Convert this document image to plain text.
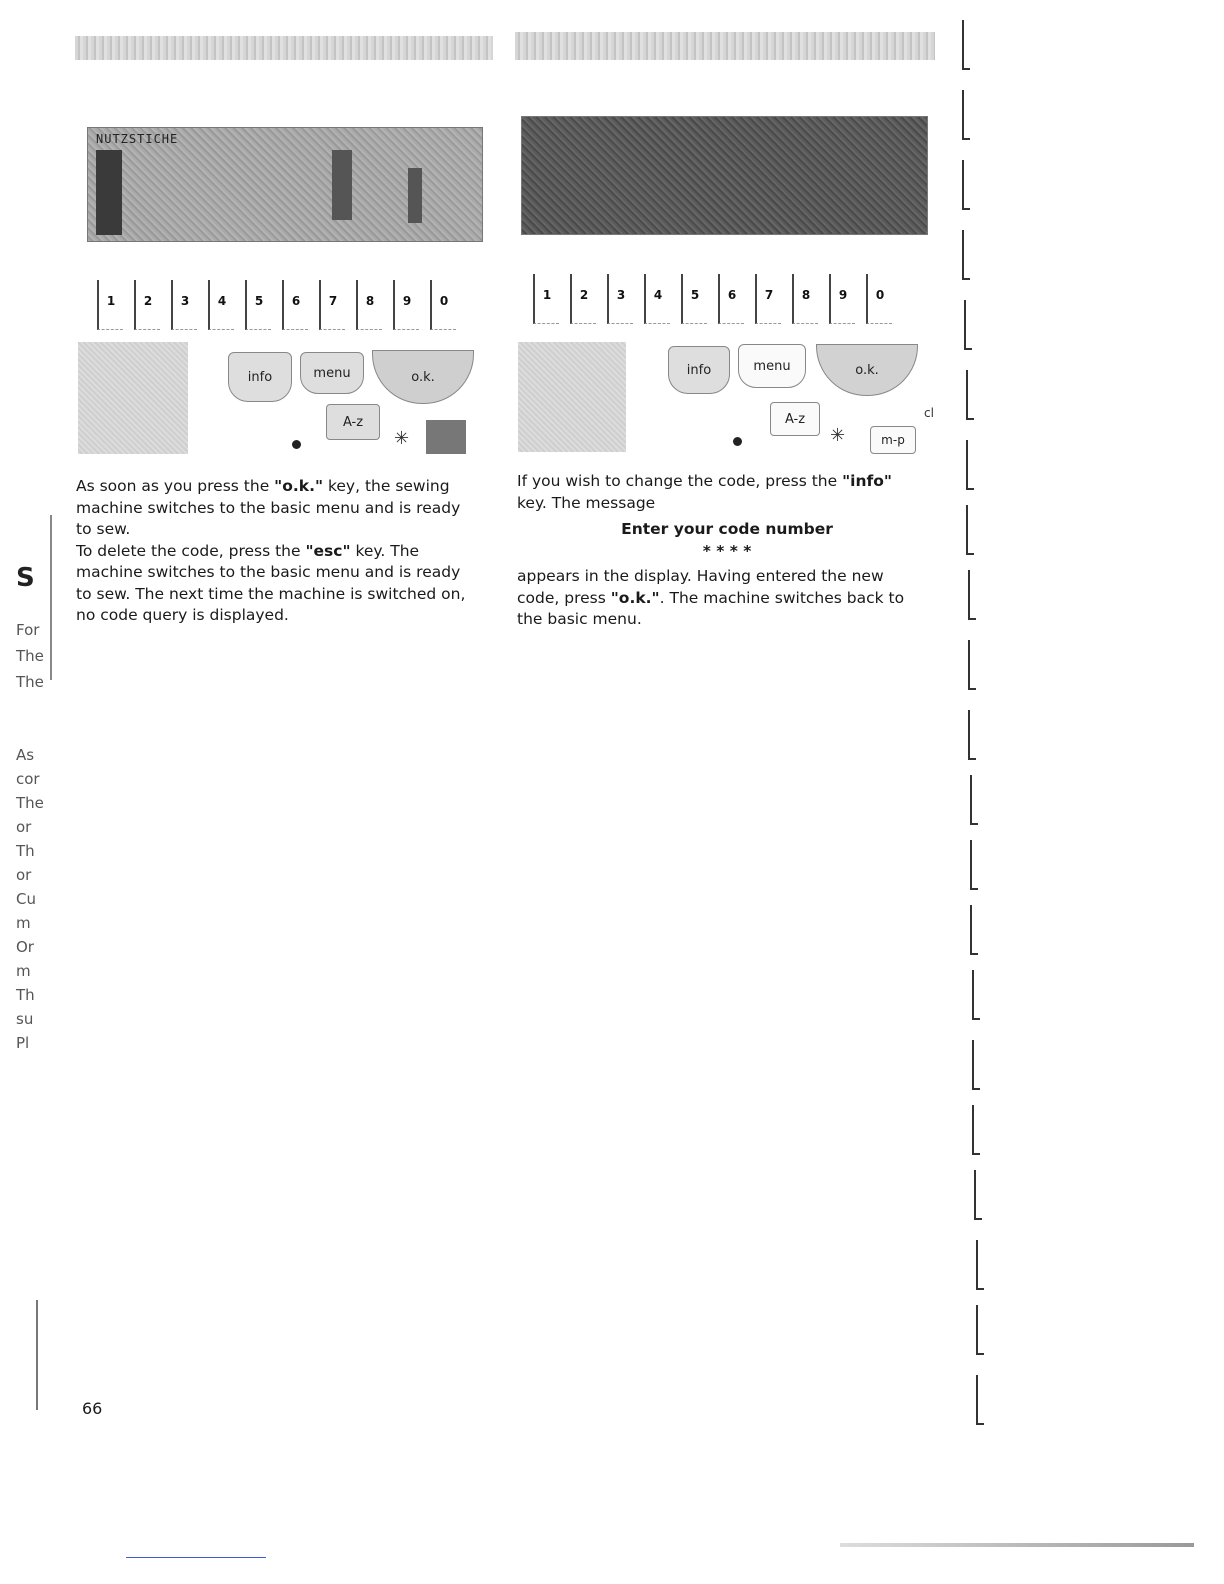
NUTZSTICHE
1	2	3	4	5	6	7	8	9	0
info	menu	o.k.
A-z
✳

As soon as you press the "o.k." key, the sewing
machine switches to the basic menu and is ready
to sew.
To delete the code, press the "esc" key. The
machine switches to the basic menu and is ready
to sew. The next time the machine is switched on,
no code query is displayed.

1	2	3	4	5	6	7	8	9	0
info	menu	o.k.
A-z
✳	m-p
cl

If you wish to change the code, press the "info"
key. The message

Enter your code number
* * * *

appears in the display. Having entered the new
code, press "o.k.". The machine switches back to
the basic menu.

S
For
The
The
As
cor
The
or
Th
or
Cu
m
Or
m
Th
su
Pl
66
